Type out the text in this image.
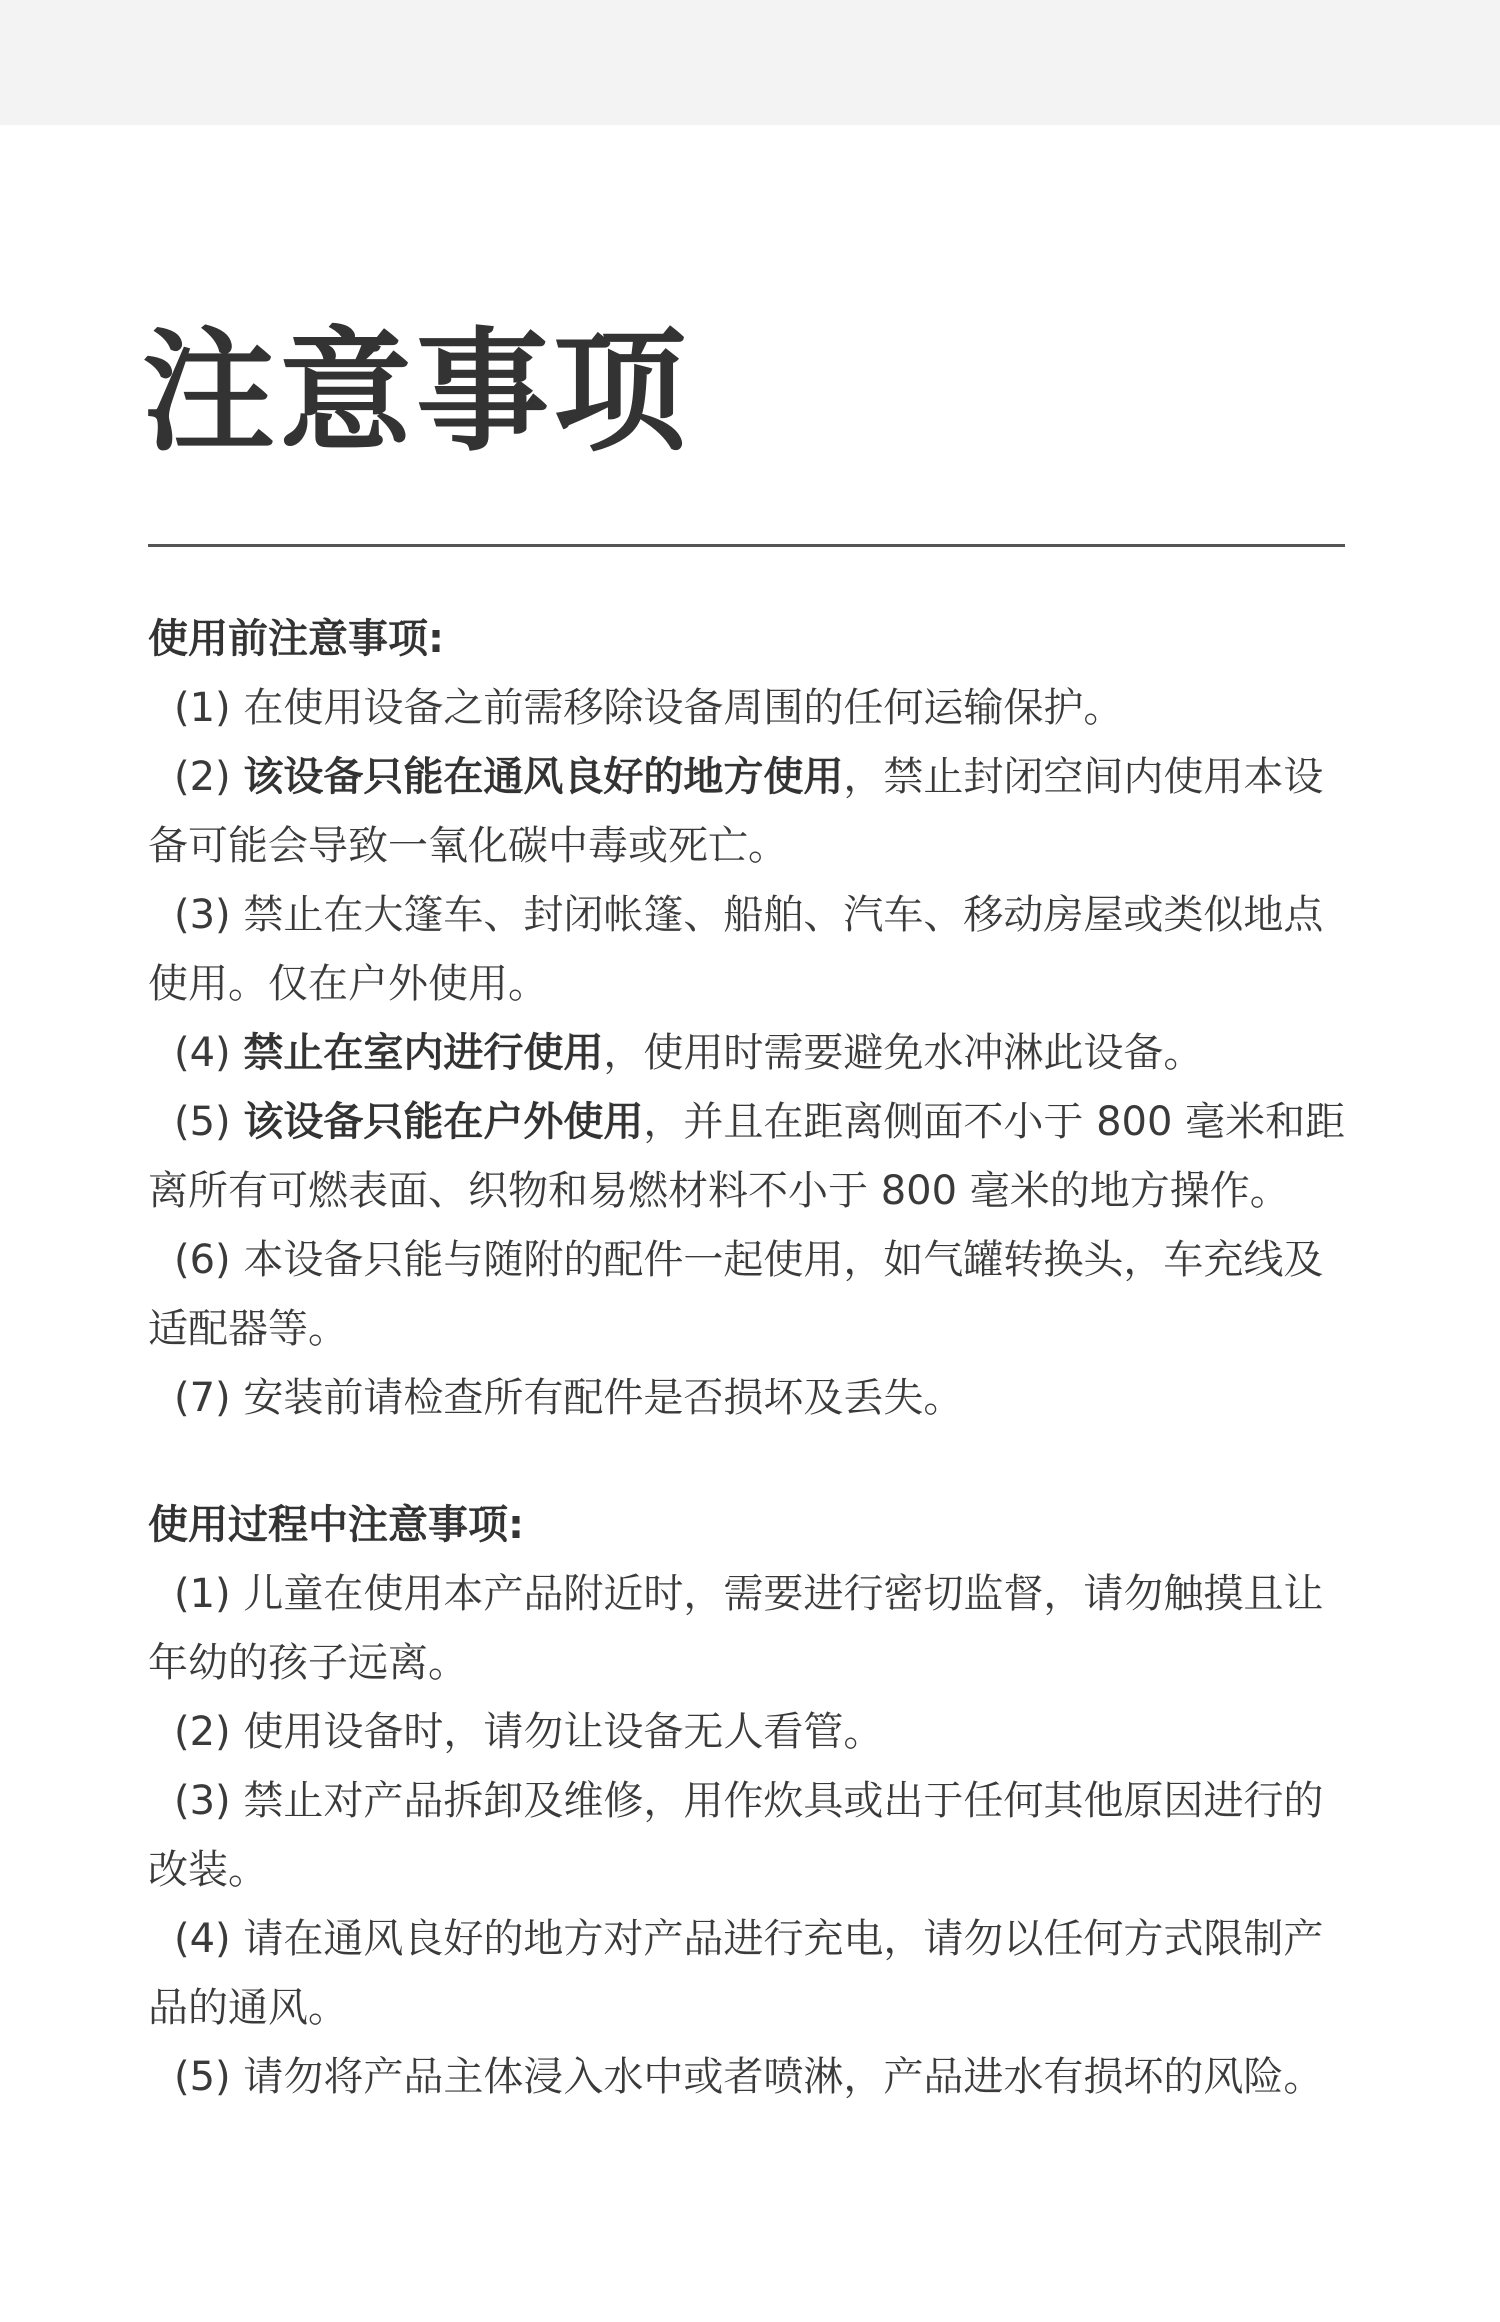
注意事项
使用前注意事项:

(1) 在使用设备之前需移除设备周围的任何运输保护。

(2) 该设备只能在通风良好的地方使用，禁止封闭空间内使用本设备可能会导致一氧化碳中毒或死亡。

(3) 禁止在大篷车、封闭帐篷、船舶、汽车、移动房屋或类似地点使用。仅在户外使用。

(4) 禁止在室内进行使用，使用时需要避免水冲淋此设备。

(5) 该设备只能在户外使用，并且在距离侧面不小于 800 毫米和距离所有可燃表面、织物和易燃材料不小于 800 毫米的地方操作。

(6) 本设备只能与随附的配件一起使用，如气罐转换头，车充线及适配器等。

(7) 安装前请检查所有配件是否损坏及丢失。

使用过程中注意事项:

(1) 儿童在使用本产品附近时，需要进行密切监督，请勿触摸且让年幼的孩子远离。

(2) 使用设备时，请勿让设备无人看管。

(3) 禁止对产品拆卸及维修，用作炊具或出于任何其他原因进行的改装。

(4) 请在通风良好的地方对产品进行充电，请勿以任何方式限制产品的通风。

(5) 请勿将产品主体浸入水中或者喷淋，产品进水有损坏的风险。
